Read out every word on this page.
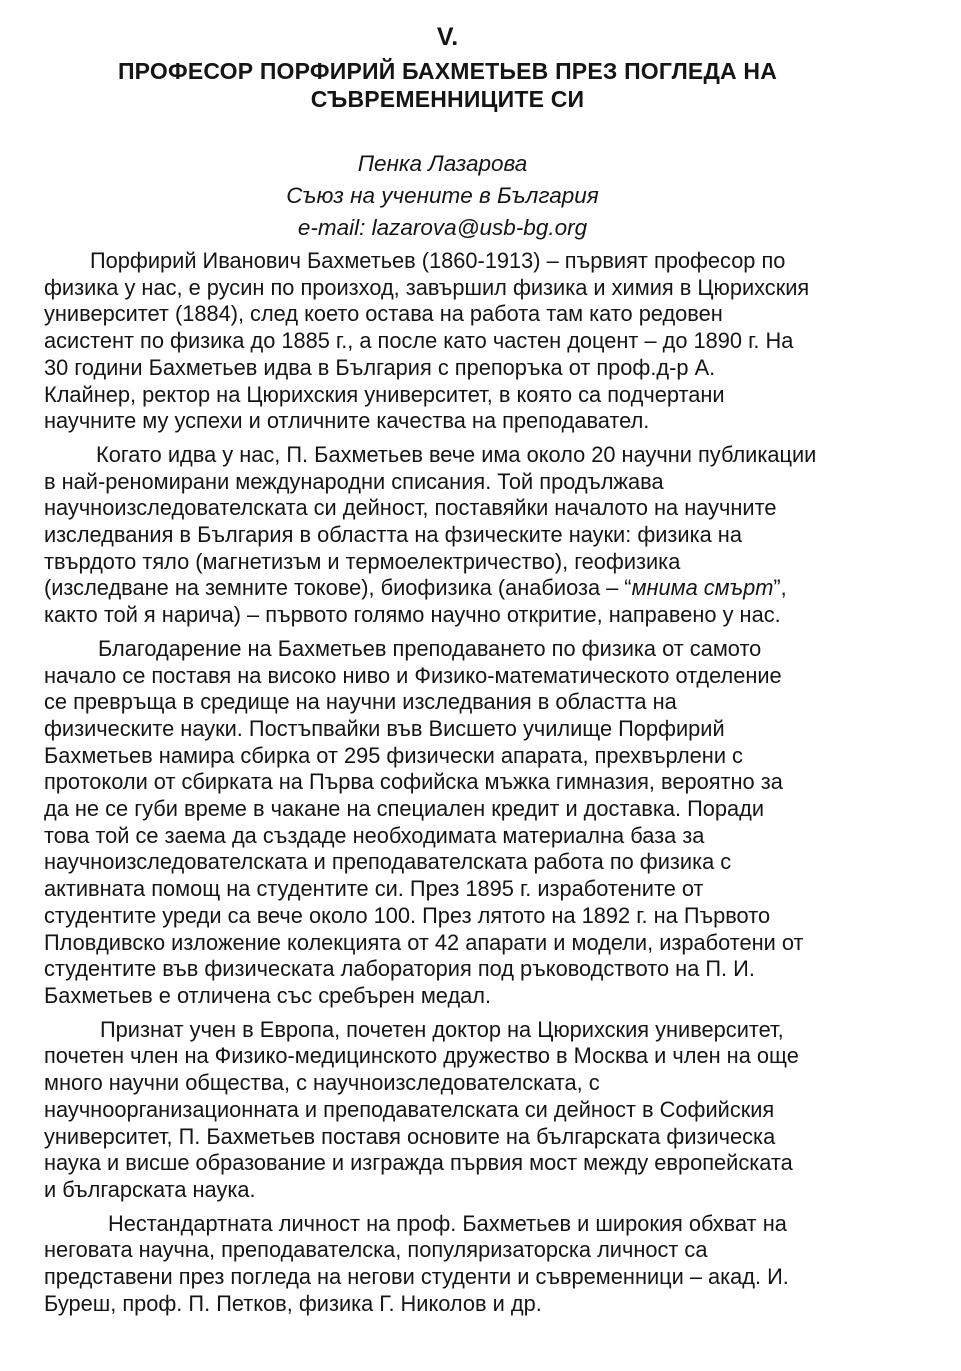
V.
ПРОФЕСОР ПОРФИРИЙ БАХМЕТЬЕВ ПРЕЗ ПОГЛЕДА НА
СЪВРЕМЕННИЦИТЕ СИ
Пенка Лазарова
Съюз на учените в България
e-mail: lazarova@usb-bg.org
Порфирий Иванович Бахметьев (1860-1913) – първият професор по
физика у нас, е русин по произход, завършил физика и химия в Цюрихския
университет (1884), след което остава на работа там като редовен
асистент по физика до 1885 г., а после като частен доцент – до 1890 г. На
30 години Бахметьев идва в България с препоръка от проф.д-р А.
Клайнер, ректор на Цюрихския университет, в която са подчертани
научните му успехи и отличните качества на преподавател.
Когато идва у нас, П. Бахметьев вече има около 20 научни публикации
в най-реномирани международни списания. Той продължава
научноизследователската си дейност, поставяйки началото на научните
изследвания в България в областта на фзическите науки: физика на
твърдото тяло (магнетизъм и термоелектричество), геофизика
(изследване на земните токове), биофизика (анабиоза – “мнима смърт”,
както той я нарича) – първото голямо научно откритие, направено у нас.
Благодарение на Бахметьев преподаването по физика от самото
начало се поставя на високо ниво и Физико-математическото отделение
се превръща в средище на научни изследвания в областта на
физическите науки. Постъпвайки във Висшето училище Порфирий
Бахметьев намира сбирка от 295 физически апарата, прехвърлени с
протоколи от сбирката на Първа софийска мъжка гимназия, вероятно за
да не се губи време в чакане на специален кредит и доставка. Поради
това той се заема да създаде необходимата материална база за
научноизследователската и преподавателската работа по физика с
активната помощ на студентите си. През 1895 г. изработените от
студентите уреди са вече около 100. През лятото на 1892 г. на Първото
Пловдивско изложение колекцията от 42 апарати и модели, изработени от
студентите във физическата лаборатория под ръководството на П. И.
Бахметьев е отличена със сребърен медал.
Признат учен в Европа, почетен доктор на Цюрихския университет,
почетен член на Физико-медицинското дружество в Москва и член на още
много научни общества, с научноизследователската, с
научноорганизационната и преподавателската си дейност в Софийския
университет, П. Бахметьев поставя основите на българската физическа
наука и висше образование и изгражда първия мост между европейската
и българската наука.
Нестандартната личност на проф. Бахметьев и широкия обхват на
неговата научна, преподавателска, популяризаторска личност са
представени през погледа на негови студенти и съвременници – акад. И.
Буреш, проф. П. Петков, физика Г. Николов и др.
